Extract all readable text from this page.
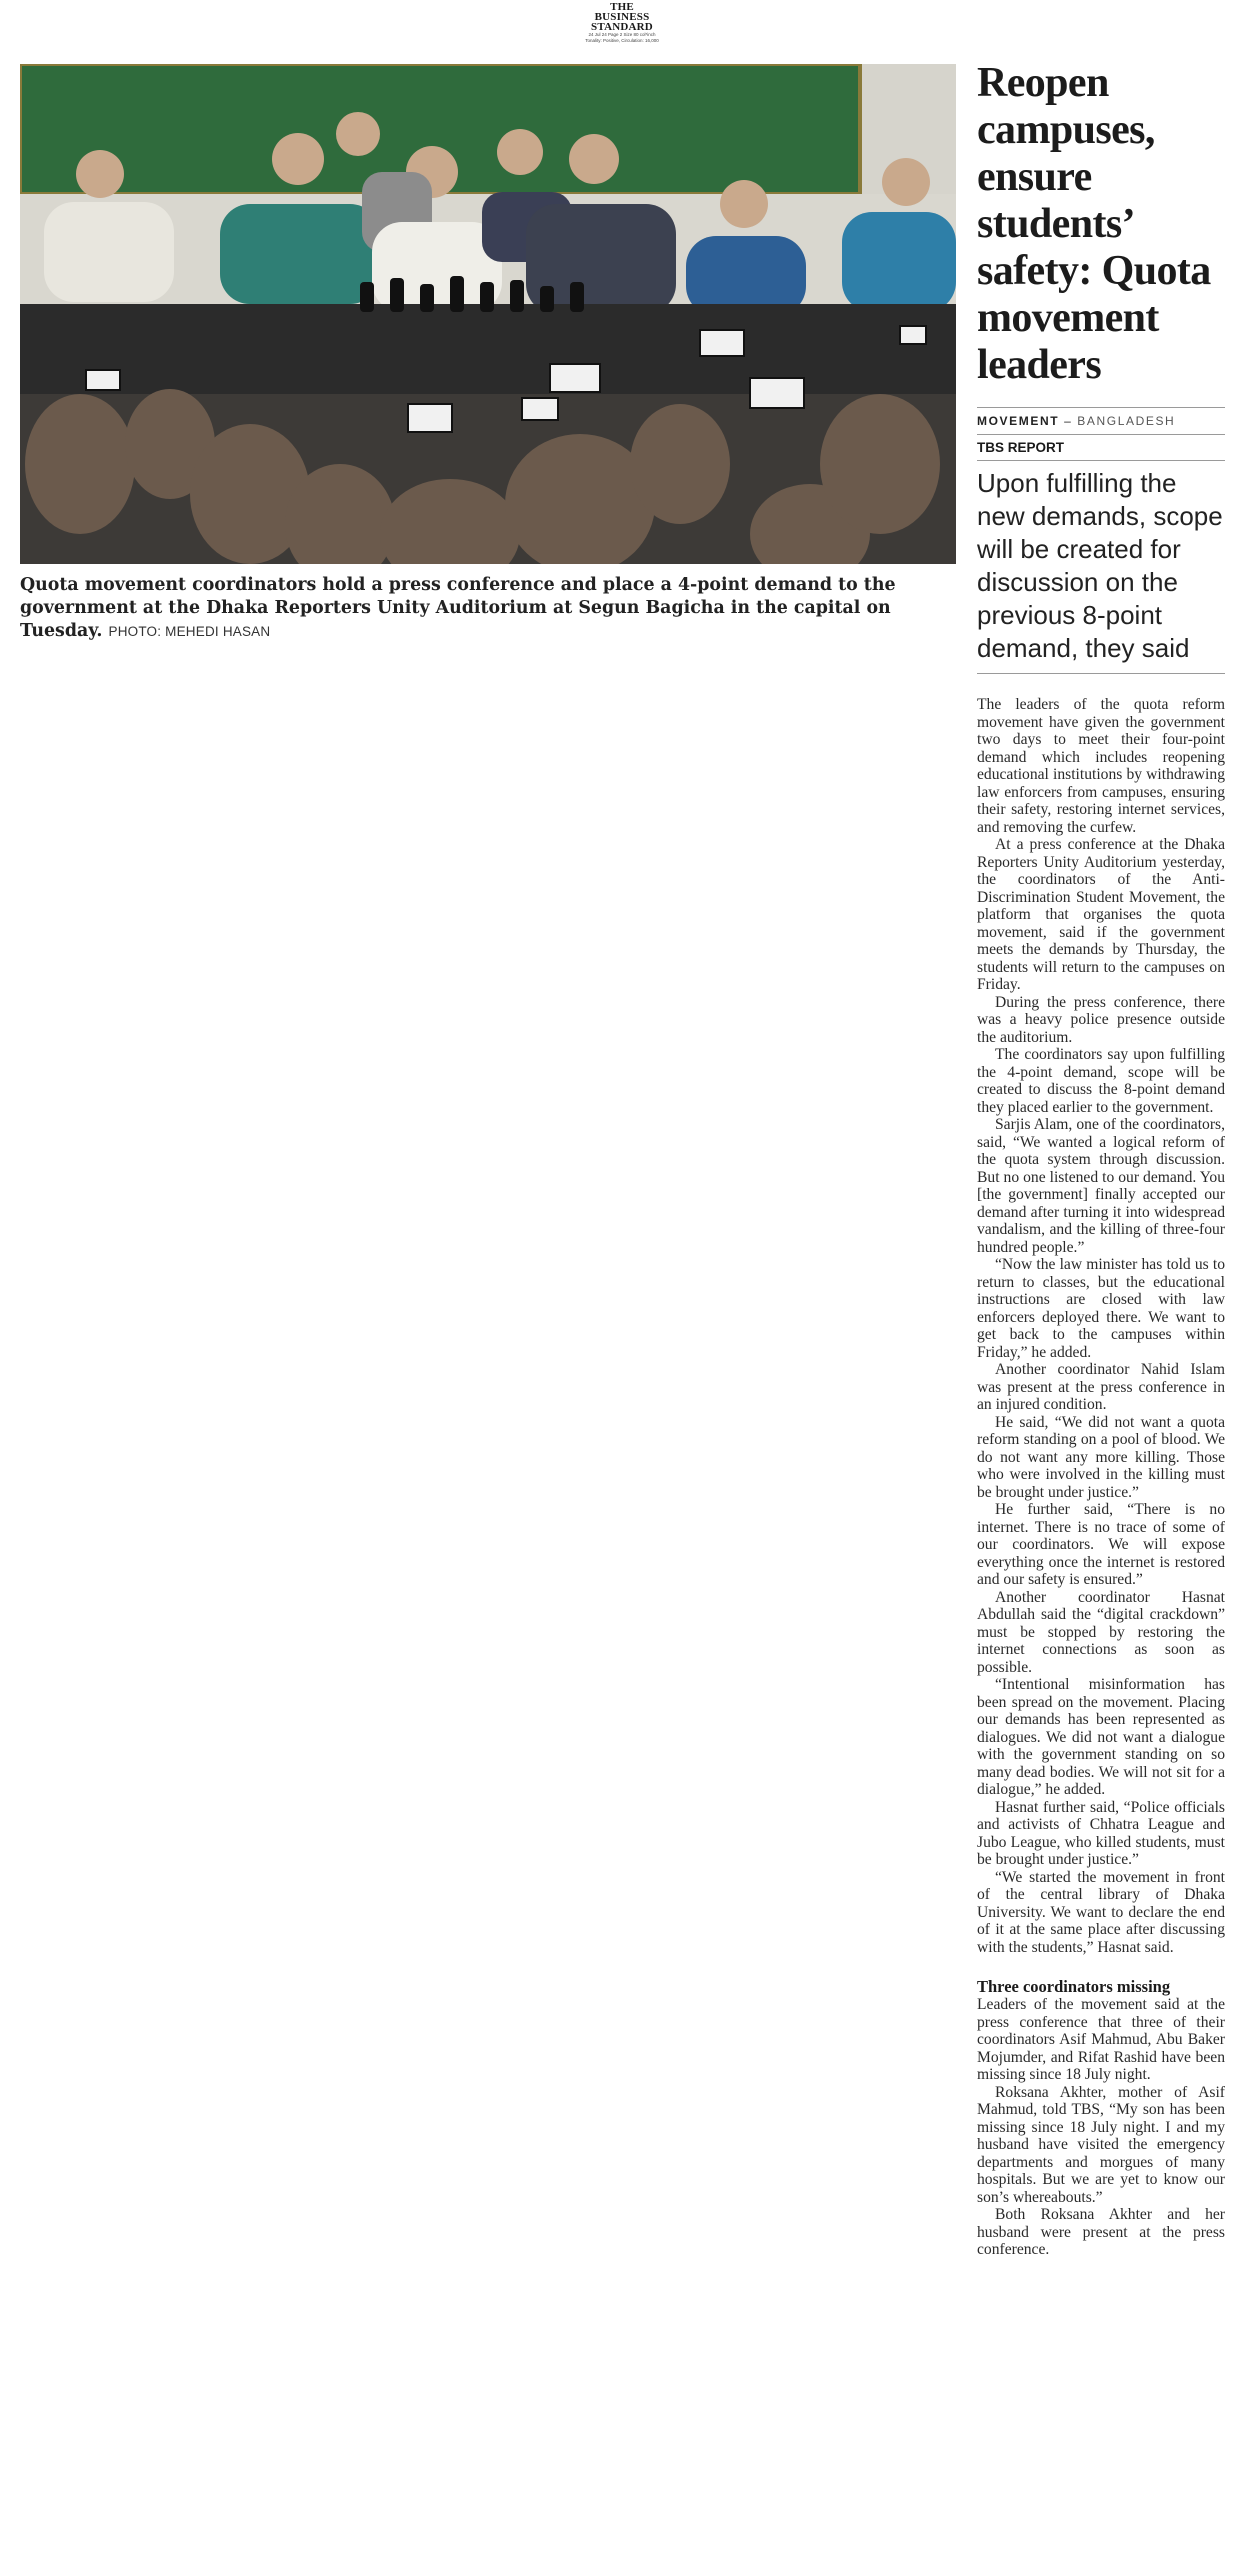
THE
BUSINESS
STANDARD
24 Jul 24 Page 2 Size 80 col*inch
Tonality: Positive, Circulation: 16,000
Quota movement coordinators hold a press conference and place a 4-point demand to the government at the Dhaka Reporters Unity Auditorium at Segun Bagicha in the capital on Tuesday. PHOTO: MEHEDI HASAN
Reopen campuses, ensure students’ safety: Quota movement leaders
MOVEMENT – BANGLADESH
TBS REPORT
Upon fulfilling the new demands, scope will be created for discussion on the previous 8-point demand, they said

The leaders of the quota reform movement have given the government two days to meet their four-point demand which includes reopening educational institutions by withdrawing law enforcers from campuses, ensuring their safety, restoring internet services, and removing the curfew.

At a press conference at the Dhaka Reporters Unity Auditorium yesterday, the coordinators of the Anti-Discrimination Student Movement, the platform that organises the quota movement, said if the government meets the demands by Thursday, the students will return to the campuses on Friday.

During the press conference, there was a heavy police presence outside the auditorium.

The coordinators say upon fulfilling the 4-point demand, scope will be created to discuss the 8-point demand they placed earlier to the government.

Sarjis Alam, one of the coordinators, said, “We wanted a logical reform of the quota system through discussion. But no one listened to our demand. You [the government] finally accepted our demand after turning it into widespread vandalism, and the killing of three-four hundred people.”

“Now the law minister has told us to return to classes, but the educational instructions are closed with law enforcers deployed there. We want to get back to the campuses within Friday,” he added.

Another coordinator Nahid Islam was present at the press conference in an injured condition.

He said, “We did not want a quota reform standing on a pool of blood. We do not want any more killing. Those who were involved in the killing must be brought under justice.”

He further said, “There is no internet. There is no trace of some of our coordinators. We will expose everything once the internet is restored and our safety is ensured.”

Another coordinator Hasnat Abdullah said the “digital crackdown” must be stopped by restoring the internet connections as soon as possible.

“Intentional misinformation has been spread on the movement. Placing our demands has been represented as dialogues. We did not want a dialogue with the government standing on so many dead bodies. We will not sit for a dialogue,” he added.

Hasnat further said, “Police officials and activists of Chhatra League and Jubo League, who killed students, must be brought under justice.”

“We started the movement in front of the central library of Dhaka University. We want to declare the end of it at the same place after discussing with the students,” Hasnat said.

Three coordinators missing

Leaders of the movement said at the press conference that three of their coordinators Asif Mahmud, Abu Baker Mojumder, and Rifat Rashid have been missing since 18 July night.

Roksana Akhter, mother of Asif Mahmud, told TBS, “My son has been missing since 18 July night. I and my husband have visited the emergency departments and morgues of many hospitals. But we are yet to know our son’s whereabouts.”

Both Roksana Akhter and her husband were present at the press conference.
